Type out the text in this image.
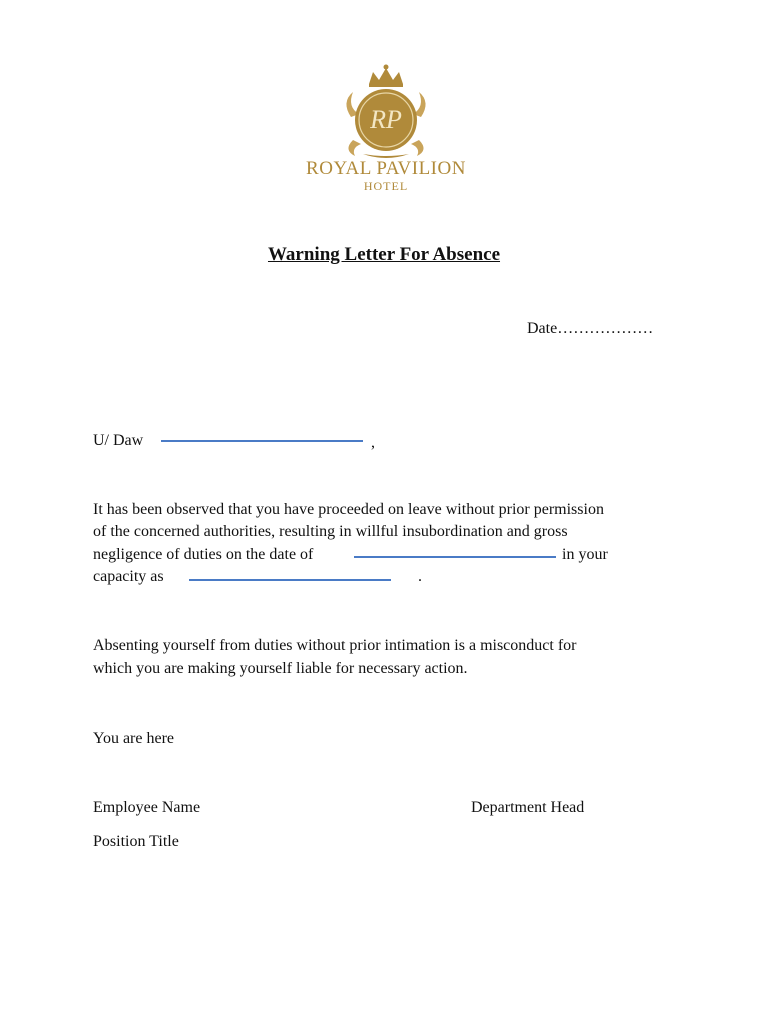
RP
ROYAL PAVILION
HOTEL
Warning Letter For Absence
Date………………
U/ Daw	,
It has been observed that you have proceeded on leave without prior permission
of the concerned authorities, resulting in willful insubordination and gross
negligence of duties on the date of	in your
capacity as	.
Absenting yourself from duties without prior intimation is a misconduct for
which you are making yourself liable for necessary action.
You are here
Employee Name	Department Head
Position Title
